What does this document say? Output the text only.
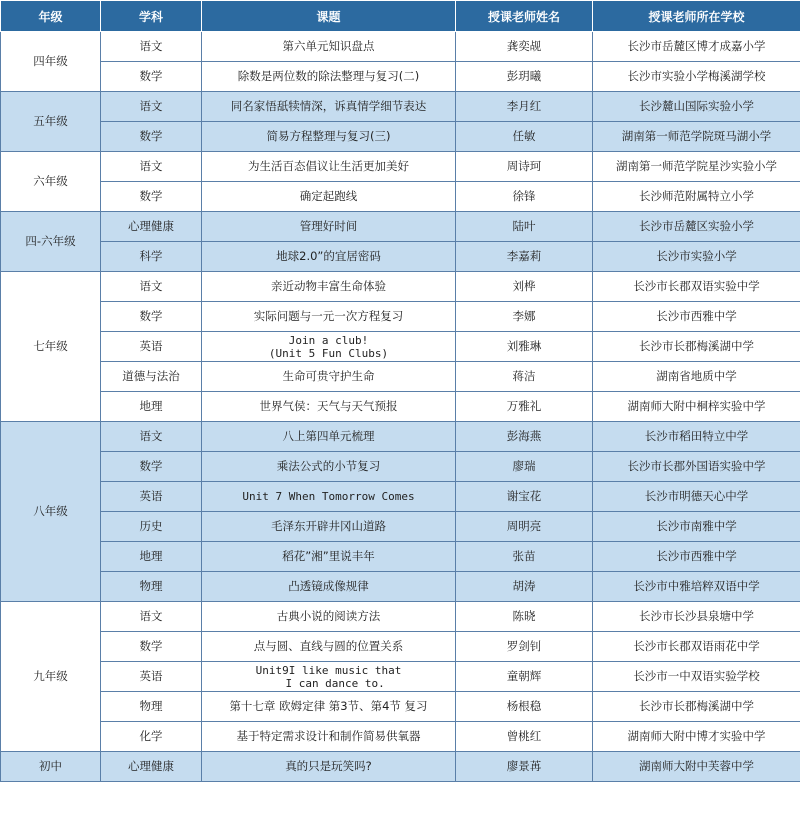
年级	学科	课题	授课老师姓名	授课老师所在学校
四年级	语文	第六单元知识盘点	龚奕觇	长沙市岳麓区博才成嘉小学
	数学	除数是两位数的除法整理与复习(二)	彭玥曦	长沙市实验小学梅溪湖学校
五年级	语文	同名家悟舐犊情深，诉真情学细节表达	李月红	长沙麓山国际实验小学
	数学	简易方程整理与复习(三)	任敏	湖南第一师范学院斑马湖小学
六年级	语文	为生活百态倡议让生活更加美好	周诗珂	湖南第一师范学院星沙实验小学
	数学	确定起跑线	徐锋	长沙师范附属特立小学
四-六年级	心理健康	管理好时间	陆叶	长沙市岳麓区实验小学
	科学	地球2.0”的宜居密码	李嘉莉	长沙市实验小学
七年级	语文	亲近动物丰富生命体验	刘桦	长沙市长郡双语实验中学
	数学	实际问题与一元一次方程复习	李娜	长沙市西雅中学
	英语	Join a club!
(Unit 5 Fun Clubs)	刘雅琳	长沙市长郡梅溪湖中学
	道德与法治	生命可贵守护生命	蒋洁	湖南省地质中学
	地理	世界气侯：天气与天气预报	万雅礼	湖南师大附中桐梓实验中学
八年级	语文	八上第四单元梳理	彭海燕	长沙市稻田特立中学
	数学	乘法公式的小节复习	廖瑞	长沙市长郡外国语实验中学
	英语	Unit 7 When Tomorrow Comes	谢宝花	长沙市明德天心中学
	历史	毛泽东开辟井冈山道路	周明亮	长沙市南雅中学
	地理	稻花”湘”里说丰年	张苗	长沙市西雅中学
	物理	凸透镜成像规律	胡涛	长沙市中雅培粹双语中学
九年级	语文	古典小说的阅读方法	陈晓	长沙市长沙县泉塘中学
	数学	点与圆、直线与圆的位置关系	罗剑钊	长沙市长郡双语雨花中学
	英语	Unit9I like music that
I can dance to.	童朝辉	长沙市一中双语实验学校
	物理	第十七章 欧姆定律 第3节、第4节 复习	杨根稳	长沙市长郡梅溪湖中学
	化学	基于特定需求设计和制作简易供氧器	曾桃红	湖南师大附中博才实验中学
初中	心理健康	真的只是玩笑吗?	廖景苒	湖南师大附中芙蓉中学
